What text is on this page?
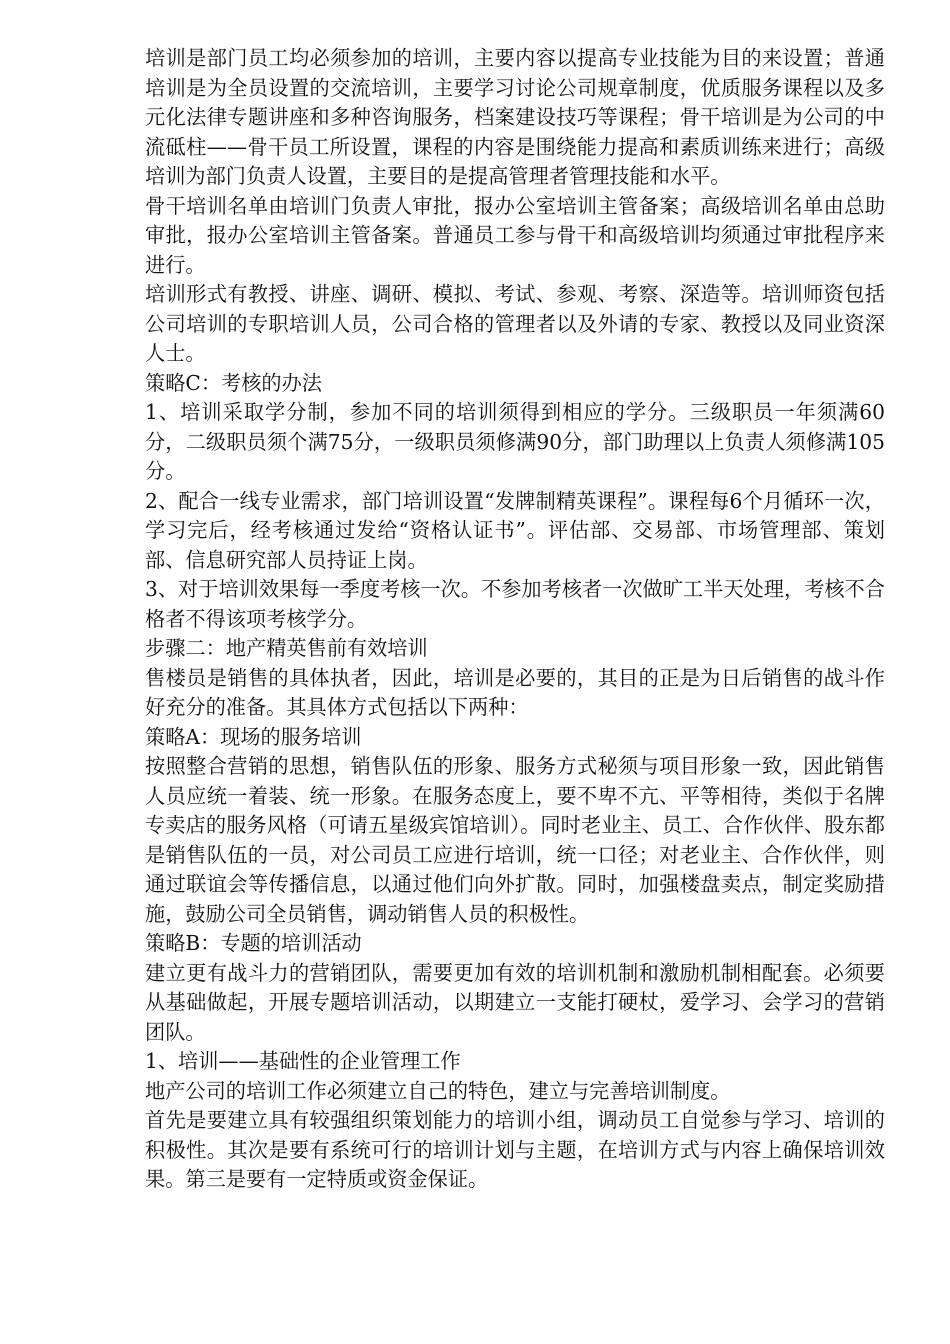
培训是部门员工均必须参加的培训，主要内容以提高专业技能为目的来设置；普通培训是为全员设置的交流培训，主要学习讨论公司规章制度，优质服务课程以及多元化法律专题讲座和多种咨询服务，档案建设技巧等课程；骨干培训是为公司的中流砥柱——骨干员工所设置，课程的内容是围绕能力提高和素质训练来进行；高级培训为部门负责人设置，主要目的是提高管理者管理技能和水平。

骨干培训名单由培训门负责人审批，报办公室培训主管备案；高级培训名单由总助审批，报办公室培训主管备案。普通员工参与骨干和高级培训均须通过审批程序来进行。

培训形式有教授、讲座、调研、模拟、考试、参观、考察、深造等。培训师资包括公司培训的专职培训人员，公司合格的管理者以及外请的专家、教授以及同业资深人士。

策略C：考核的办法

1、培训采取学分制，参加不同的培训须得到相应的学分。三级职员一年须满60分，二级职员须个满75分，一级职员须修满90分，部门助理以上负责人须修满105分。

2、配合一线专业需求，部门培训设置“发牌制精英课程”。课程每6个月循环一次，学习完后，经考核通过发给“资格认证书”。评估部、交易部、市场管理部、策划部、信息研究部人员持证上岗。

3、对于培训效果每一季度考核一次。不参加考核者一次做旷工半天处理，考核不合格者不得该项考核学分。

步骤二：地产精英售前有效培训

售楼员是销售的具体执者，因此，培训是必要的，其目的正是为日后销售的战斗作好充分的准备。其具体方式包括以下两种：

策略A：现场的服务培训

按照整合营销的思想，销售队伍的形象、服务方式秘须与项目形象一致，因此销售人员应统一着装、统一形象。在服务态度上，要不卑不亢、平等相待，类似于名牌专卖店的服务风格（可请五星级宾馆培训）。同时老业主、员工、合作伙伴、股东都是销售队伍的一员，对公司员工应进行培训，统一口径；对老业主、合作伙伴，则通过联谊会等传播信息，以通过他们向外扩散。同时，加强楼盘卖点，制定奖励措施，鼓励公司全员销售，调动销售人员的积极性。

策略B：专题的培训活动

建立更有战斗力的营销团队，需要更加有效的培训机制和激励机制相配套。必须要从基础做起，开展专题培训活动，以期建立一支能打硬杖，爱学习、会学习的营销团队。

1、培训——基础性的企业管理工作

地产公司的培训工作必须建立自己的特色，建立与完善培训制度。

首先是要建立具有较强组织策划能力的培训小组，调动员工自觉参与学习、培训的积极性。其次是要有系统可行的培训计划与主题，在培训方式与内容上确保培训效果。第三是要有一定特质或资金保证。
